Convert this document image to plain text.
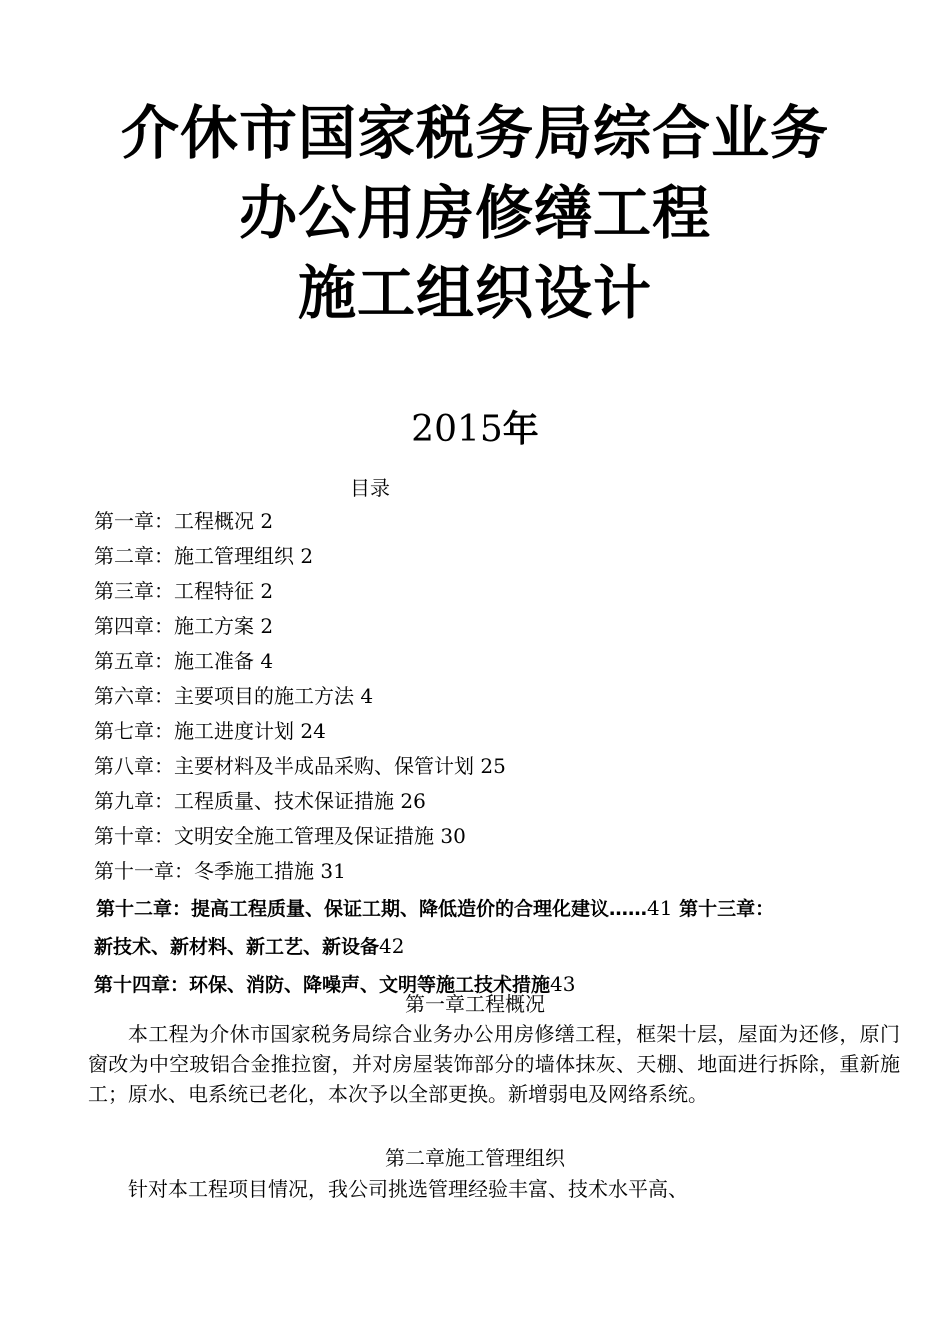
介休市国家税务局综合业务
办公用房修缮工程
施工组织设计
2015年
目录
第一章：工程概况 2
第二章：施工管理组织 2
第三章：工程特征 2
第四章：施工方案 2
第五章：施工准备 4
第六章：主要项目的施工方法 4
第七章：施工进度计划 24
第八章：主要材料及半成品采购、保管计划 25
第九章：工程质量、技术保证措施 26
第十章：文明安全施工管理及保证措施 30
第十一章：冬季施工措施 31
第十二章：提高工程质量、保证工期、降低造价的合理化建议……41 第十三章：
新技术、新材料、新工艺、新设备42
第十四章：环保、消防、降噪声、文明等施工技术措施43
第一章工程概况

本工程为介休市国家税务局综合业务办公用房修缮工程，框架十层，屋面为还修，原门窗改为中空玻铝合金推拉窗，并对房屋装饰部分的墙体抹灰、天棚、地面进行拆除，重新施工；原水、电系统已老化，本次予以全部更换。新增弱电及网络系统。

第二章施工管理组织

针对本工程项目情况，我公司挑选管理经验丰富、技术水平高、
